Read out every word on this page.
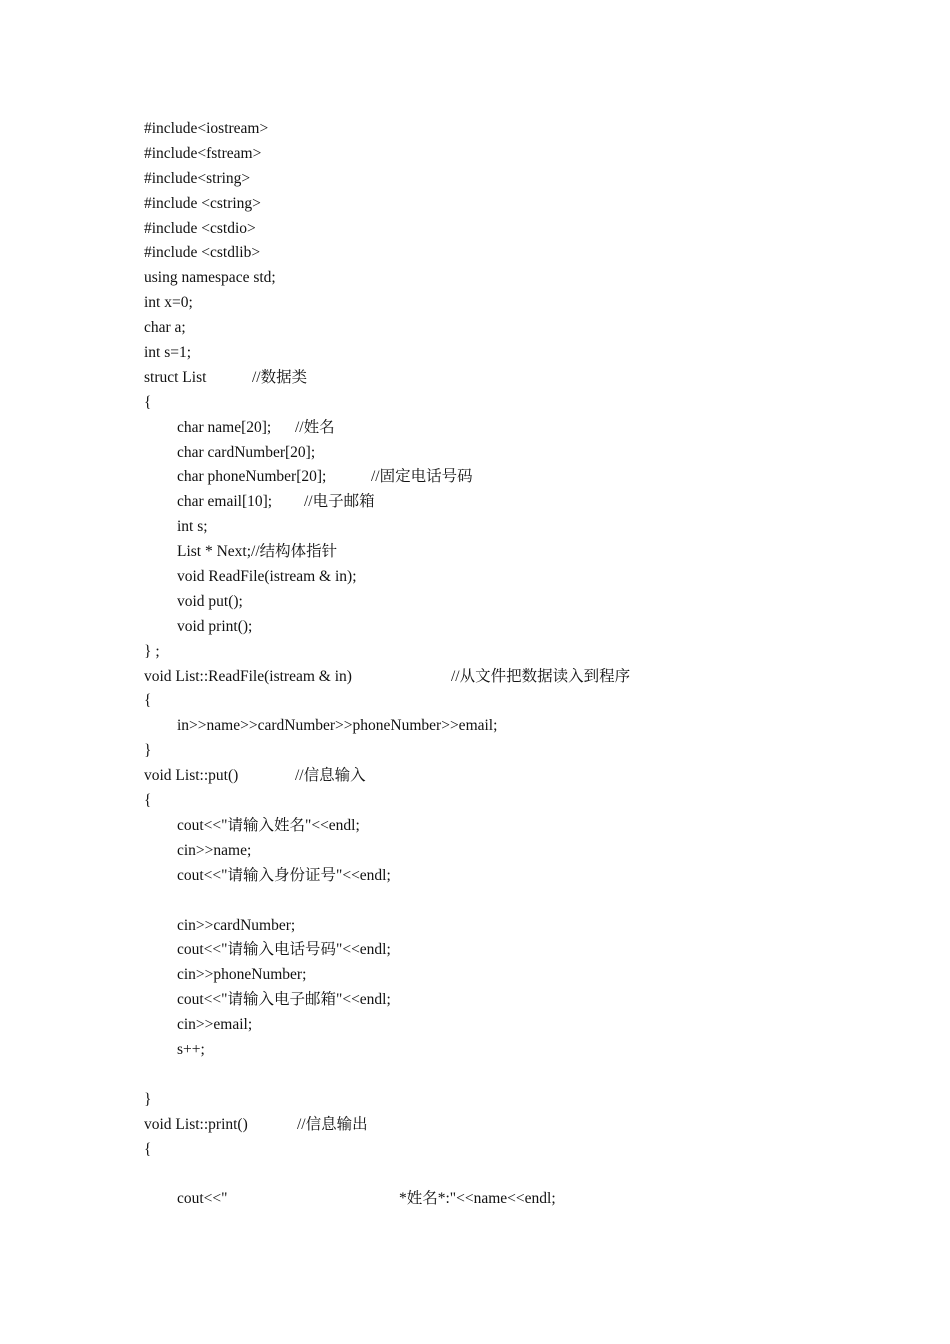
#include<iostream>
#include<fstream>
#include<string>
#include <cstring>
#include <cstdio>
#include <cstdlib>
using namespace std;
int x=0;
char a;
int s=1;
struct List	//数据类
{
char name[20]; //姓名
char cardNumber[20];
char phoneNumber[20];	//固定电话号码
char email[10]; //电子邮箱
int s;
List * Next;//结构体指针
void ReadFile(istream & in);
void put();
void print();
} ;
void List::ReadFile(istream & in)	//从文件把数据读入到程序
{
in>>name>>cardNumber>>phoneNumber>>email;
}
void List::put()	//信息输入
{
cout<<"请输入姓名"<<endl;
cin>>name;
cout<<"请输入身份证号"<<endl;
cin>>cardNumber;
cout<<"请输入电话号码"<<endl;
cin>>phoneNumber;
cout<<"请输入电子邮箱"<<endl;
cin>>email;
s++;
}
void List::print()	//信息输出
{
cout<<"	*姓名*:"<<name<<endl;
